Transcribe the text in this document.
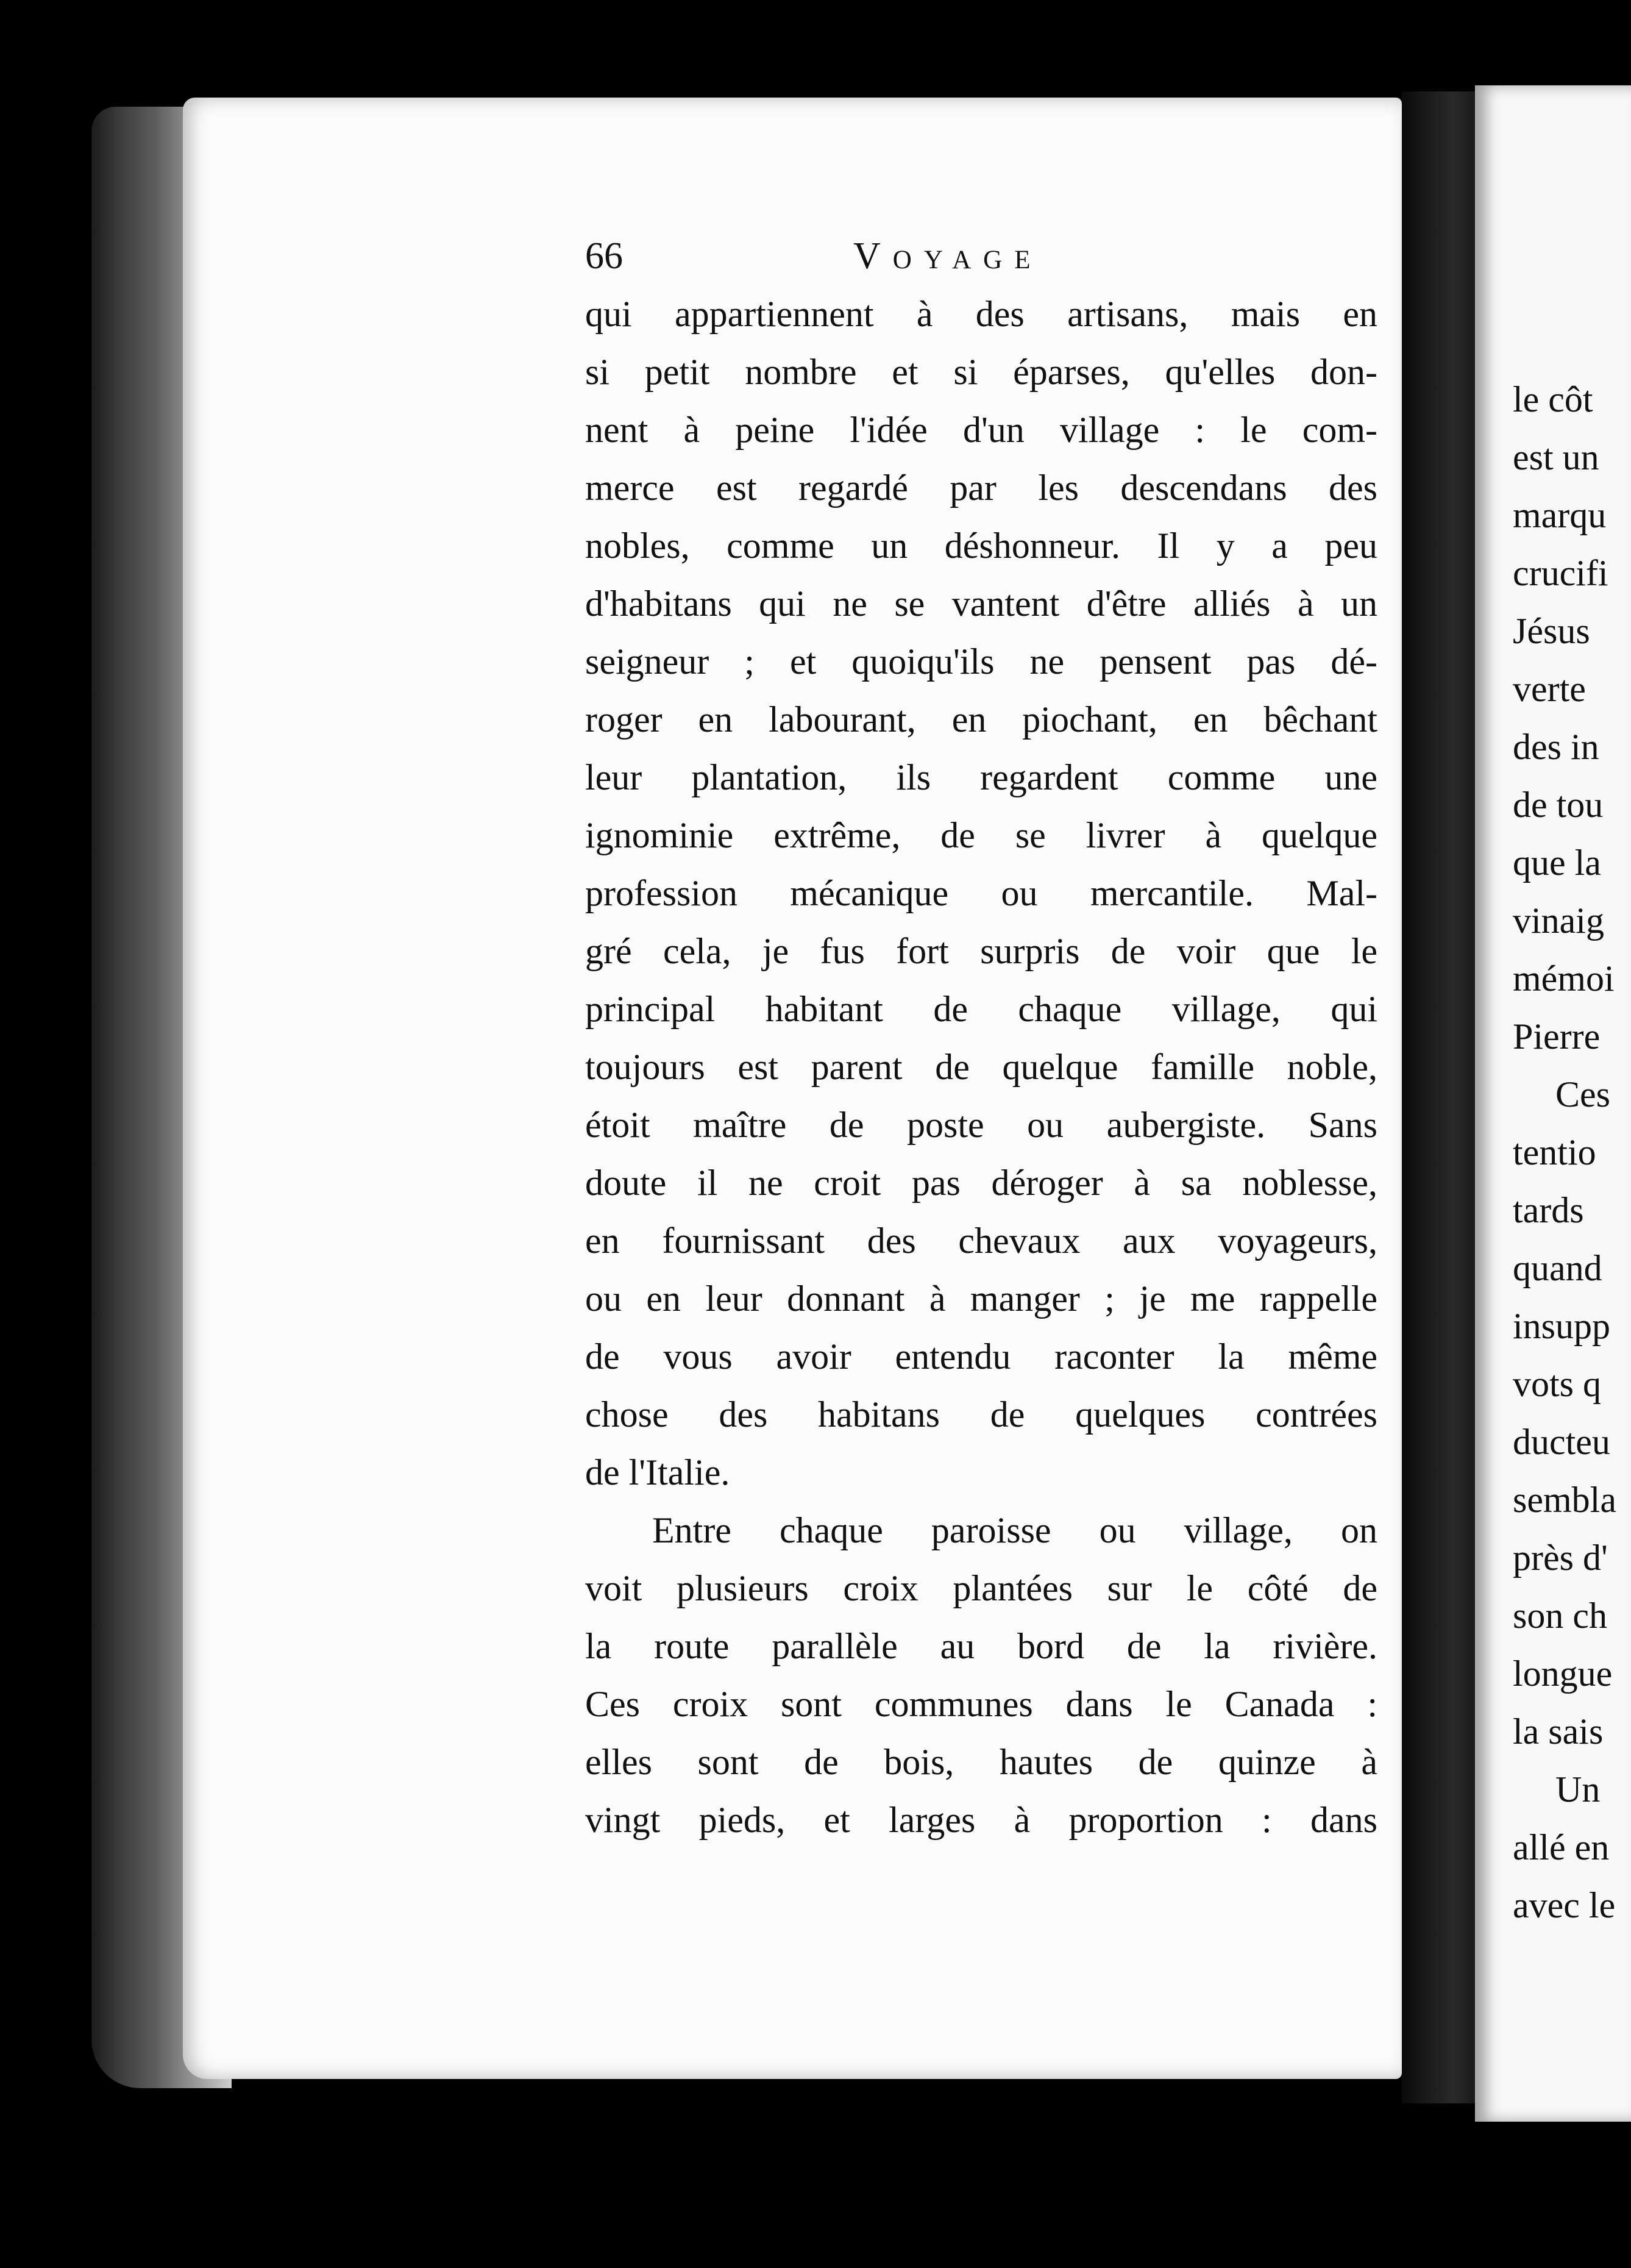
le côt
est un
marqu
crucifi
Jésus
verte
des in
de tou
que la
vinaig
mémoi
Pierre
Ces
tentio
tards
quand
insupp
vots q
ducteu
sembla
près d'
son ch
longue
la sais
Un
allé en
avec le
66	Voyage
qui appartiennent à des artisans, mais en
si petit nombre et si éparses, qu'elles don-
nent à peine l'idée d'un village : le com-
merce est regardé par les descendans des
nobles, comme un déshonneur. Il y a peu
d'habitans qui ne se vantent d'être alliés à un
seigneur ; et quoiqu'ils ne pensent pas dé-
roger en labourant, en piochant, en bêchant
leur plantation, ils regardent comme une
ignominie extrême, de se livrer à quelque
profession mécanique ou mercantile. Mal-
gré cela, je fus fort surpris de voir que le
principal habitant de chaque village, qui
toujours est parent de quelque famille noble,
étoit maître de poste ou aubergiste. Sans
doute il ne croit pas déroger à sa noblesse,
en fournissant des chevaux aux voyageurs,
ou en leur donnant à manger ; je me rappelle
de vous avoir entendu raconter la même
chose des habitans de quelques contrées
de l'Italie.
Entre chaque paroisse ou village, on
voit plusieurs croix plantées sur le côté de
la route parallèle au bord de la rivière.
Ces croix sont communes dans le Canada :
elles sont de bois, hautes de quinze à
vingt pieds, et larges à proportion : dans
